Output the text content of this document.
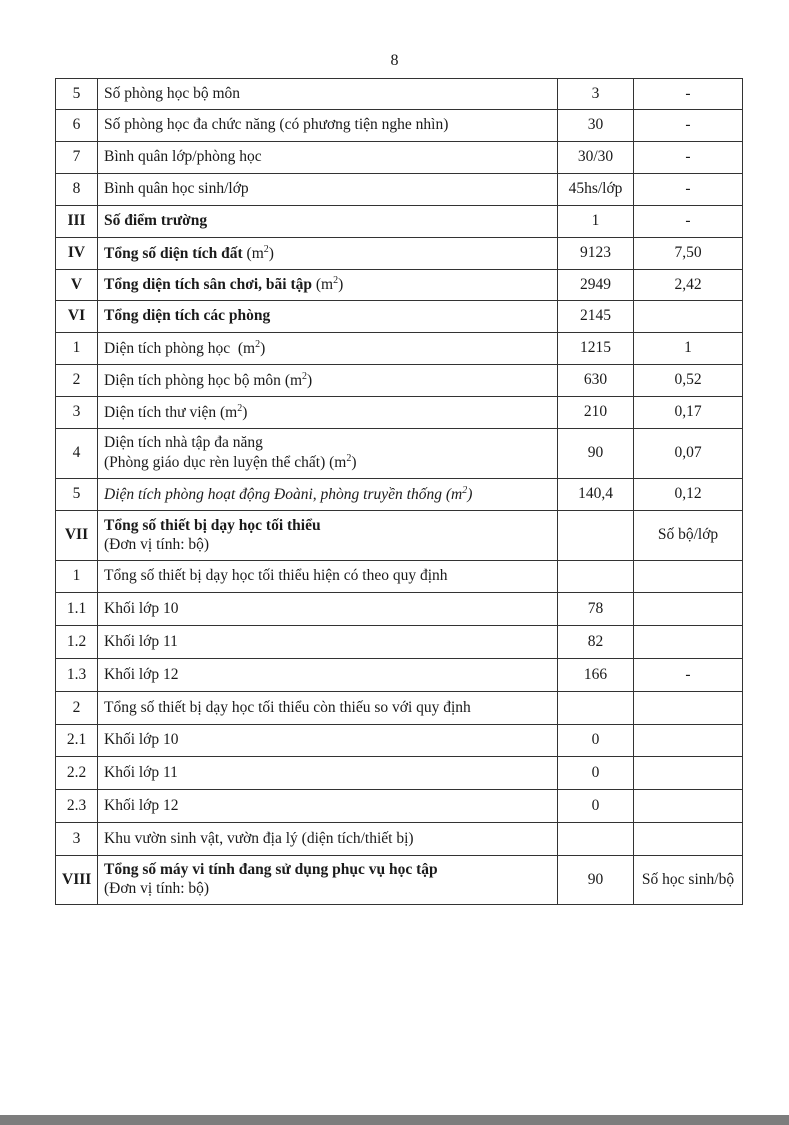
8
5	Số phòng học bộ môn	3	-
6	Số phòng học đa chức năng (có phương tiện nghe nhìn)	30	-
7	Bình quân lớp/phòng học	30/30	-
8	Bình quân học sinh/lớp	45hs/lớp	-
III	Số điểm trường	1	-
IV	Tổng số diện tích đất $(m^2)$	9123	7,50
V	Tổng diện tích sân chơi, bãi tập $(m^2)$	2949	2,42
VI	Tổng diện tích các phòng	2145	
1	Diện tích phòng học  $(m^2)$	1215	1
2	Diện tích phòng học bộ môn $(m^2)$	630	0,52
3	Diện tích thư viện $(m^2)$	210	0,17
4	Diện tích nhà tập đa năng
(Phòng giáo dục rèn luyện thể chất) $(m^2)$	90	0,07
5	Diện tích phòng hoạt động Đoàni, phòng truyền thống $(m^2)$	140,4	0,12
VII	Tổng số thiết bị dạy học tối thiểu
(Đơn vị tính: bộ)		Số bộ/lớp
1	Tổng số thiết bị dạy học tối thiểu hiện có theo quy định		
1.1	Khối lớp 10	78	
1.2	Khối lớp 11	82	
1.3	Khối lớp 12	166	-
2	Tổng số thiết bị dạy học tối thiểu còn thiếu so với quy định		
2.1	Khối lớp 10	0	
2.2	Khối lớp 11	0	
2.3	Khối lớp 12	0	
3	Khu vườn sinh vật, vườn địa lý (diện tích/thiết bị)		
VIII	Tổng số máy vi tính đang sử dụng phục vụ học tập
(Đơn vị tính: bộ)	90	Số học sinh/bộ
